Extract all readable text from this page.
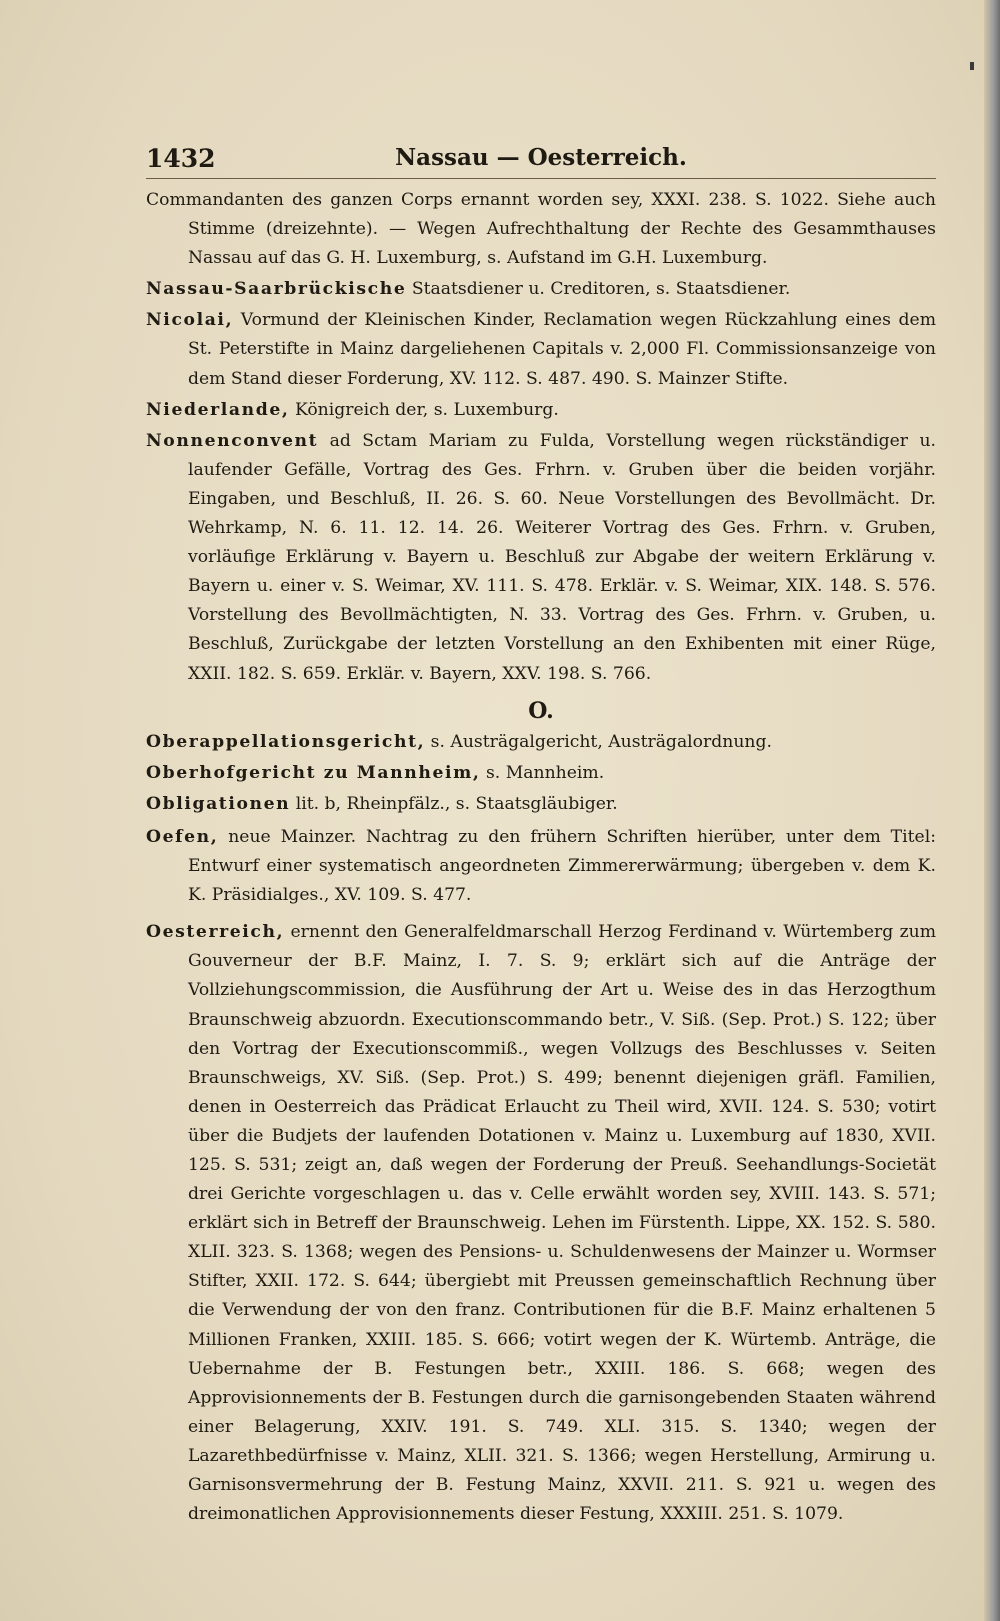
1432	Nassau — Oesterreich.

Commandanten des ganzen Corps ernannt worden sey, XXXI. 238. S. 1022. Siehe auch Stimme (dreizehnte). — Wegen Aufrechthaltung der Rechte des Gesammthauses Nassau auf das G. H. Luxemburg, s. Aufstand im G.H. Luxemburg.

Nassau-Saarbrückische Staatsdiener u. Creditoren, s. Staatsdiener.

Nicolai, Vormund der Kleinischen Kinder, Reclamation wegen Rückzahlung eines dem St. Peterstifte in Mainz dargeliehenen Capitals v. 2,000 Fl. Commissionsanzeige von dem Stand dieser Forderung, XV. 112. S. 487. 490. S. Mainzer Stifte.

Niederlande, Königreich der, s. Luxemburg.

Nonnenconvent ad Sctam Mariam zu Fulda, Vorstellung wegen rückständiger u. laufender Gefälle, Vortrag des Ges. Frhrn. v. Gruben über die beiden vorjähr. Eingaben, und Beschluß, II. 26. S. 60. Neue Vorstellungen des Bevollmächt. Dr. Wehrkamp, N. 6. 11. 12. 14. 26. Weiterer Vortrag des Ges. Frhrn. v. Gruben, vorläufige Erklärung v. Bayern u. Beschluß zur Abgabe der weitern Erklärung v. Bayern u. einer v. S. Weimar, XV. 111. S. 478. Erklär. v. S. Weimar, XIX. 148. S. 576. Vorstellung des Bevollmächtigten, N. 33. Vortrag des Ges. Frhrn. v. Gruben, u. Beschluß, Zurückgabe der letzten Vorstellung an den Exhibenten mit einer Rüge, XXII. 182. S. 659. Erklär. v. Bayern, XXV. 198. S. 766.

O.

Oberappellationsgericht, s. Austrägalgericht, Austrägalordnung.

Oberhofgericht zu Mannheim, s. Mannheim.

Obligationen lit. b, Rheinpfälz., s. Staatsgläubiger.

Oefen, neue Mainzer. Nachtrag zu den frühern Schriften hierüber, unter dem Titel: Entwurf einer systematisch angeordneten Zimmererwärmung; übergeben v. dem K. K. Präsidialges., XV. 109. S. 477.

Oesterreich, ernennt den Generalfeldmarschall Herzog Ferdinand v. Würtemberg zum Gouverneur der B.F. Mainz, I. 7. S. 9; erklärt sich auf die Anträge der Vollziehungscommission, die Ausführung der Art u. Weise des in das Herzogthum Braunschweig abzuordn. Executionscommando betr., V. Siß. (Sep. Prot.) S. 122; über den Vortrag der Executionscommiß., wegen Vollzugs des Beschlusses v. Seiten Braunschweigs, XV. Siß. (Sep. Prot.) S. 499; benennt diejenigen gräfl. Familien, denen in Oesterreich das Prädicat Erlaucht zu Theil wird, XVII. 124. S. 530; votirt über die Budjets der laufenden Dotationen v. Mainz u. Luxemburg auf 1830, XVII. 125. S. 531; zeigt an, daß wegen der Forderung der Preuß. Seehandlungs-Societät drei Gerichte vorgeschlagen u. das v. Celle erwählt worden sey, XVIII. 143. S. 571; erklärt sich in Betreff der Braunschweig. Lehen im Fürstenth. Lippe, XX. 152. S. 580. XLII. 323. S. 1368; wegen des Pensions- u. Schuldenwesens der Mainzer u. Wormser Stifter, XXII. 172. S. 644; übergiebt mit Preussen gemeinschaftlich Rechnung über die Verwendung der von den franz. Contributionen für die B.F. Mainz erhaltenen 5 Millionen Franken, XXIII. 185. S. 666; votirt wegen der K. Würtemb. Anträge, die Uebernahme der B. Festungen betr., XXIII. 186. S. 668; wegen des Approvisionnements der B. Festungen durch die garnisongebenden Staaten während einer Belagerung, XXIV. 191. S. 749. XLI. 315. S. 1340; wegen der Lazarethbedürfnisse v. Mainz, XLII. 321. S. 1366; wegen Herstellung, Armirung u. Garnisonsvermehrung der B. Festung Mainz, XXVII. 211. S. 921 u. wegen des dreimonatlichen Approvisionnements dieser Festung, XXXIII. 251. S. 1079.
